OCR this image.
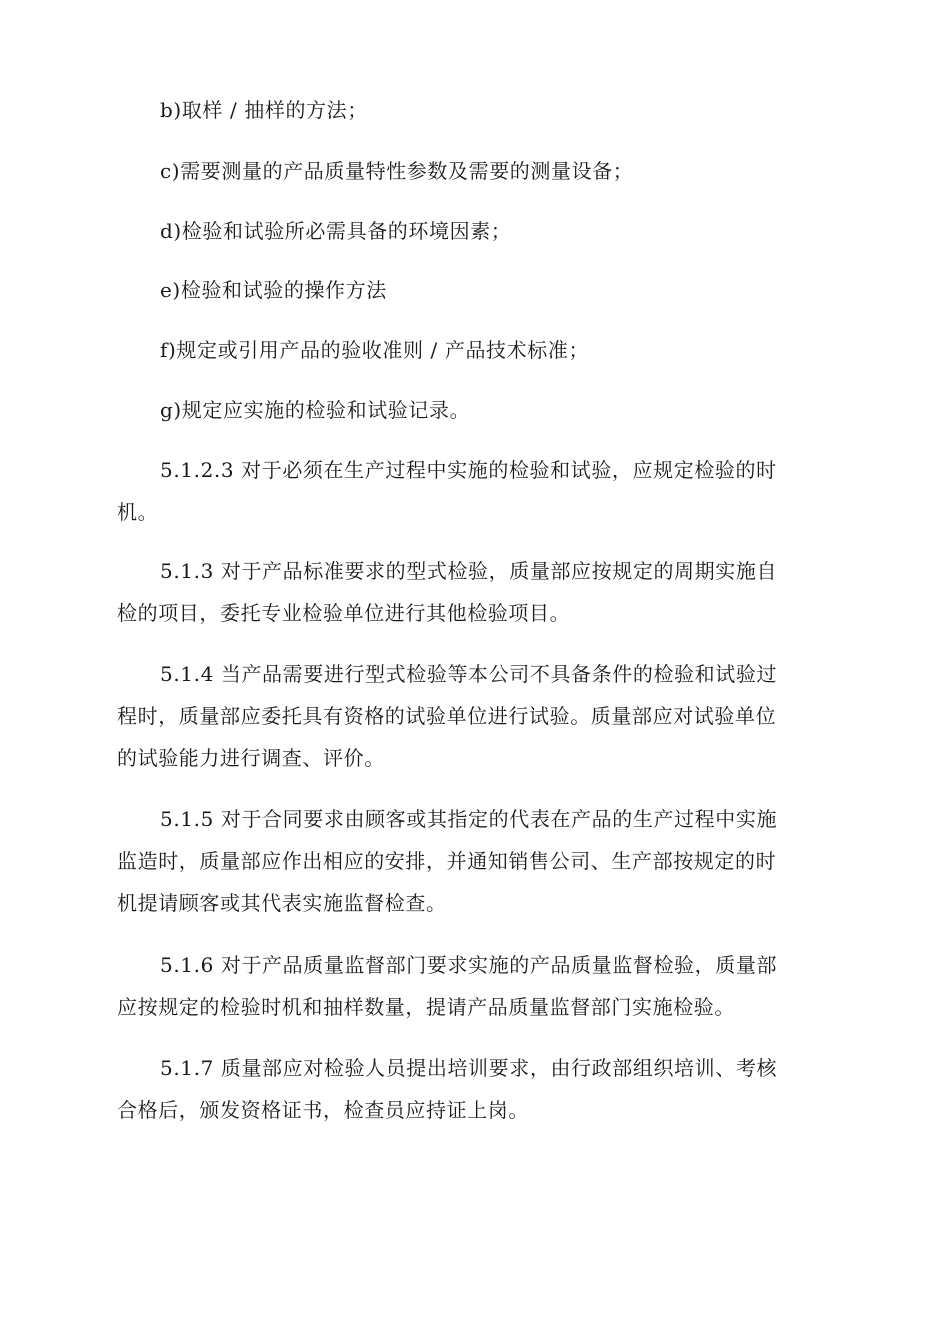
b)取样 / 抽样的方法；
c)需要测量的产品质量特性参数及需要的测量设备；
d)检验和试验所必需具备的环境因素；
e)检验和试验的操作方法
f)规定或引用产品的验收准则 / 产品技术标准；
g)规定应实施的检验和试验记录。
5.1.2.3 对于必须在生产过程中实施的检验和试验，应规定检验的时
机。
5.1.3 对于产品标准要求的型式检验，质量部应按规定的周期实施自
检的项目，委托专业检验单位进行其他检验项目。
5.1.4 当产品需要进行型式检验等本公司不具备条件的检验和试验过
程时，质量部应委托具有资格的试验单位进行试验。质量部应对试验单位
的试验能力进行调查、评价。
5.1.5 对于合同要求由顾客或其指定的代表在产品的生产过程中实施
监造时，质量部应作出相应的安排，并通知销售公司、生产部按规定的时
机提请顾客或其代表实施监督检查。
5.1.6 对于产品质量监督部门要求实施的产品质量监督检验，质量部
应按规定的检验时机和抽样数量，提请产品质量监督部门实施检验。
5.1.7 质量部应对检验人员提出培训要求，由行政部组织培训、考核
合格后，颁发资格证书，检查员应持证上岗。
